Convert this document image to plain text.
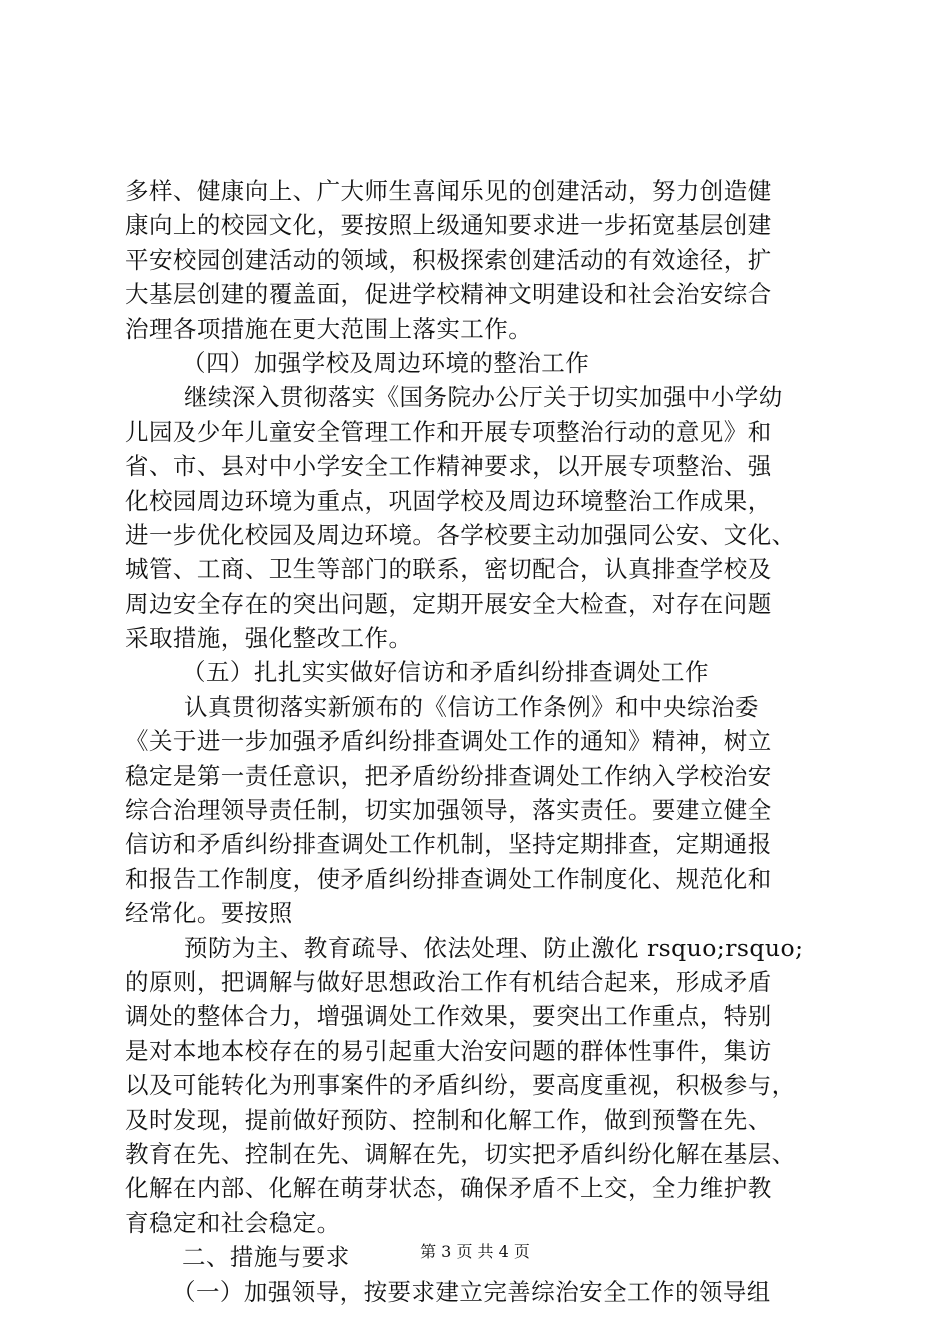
多样、健康向上、广大师生喜闻乐见的创建活动，努力创造健
康向上的校园文化，要按照上级通知要求进一步拓宽基层创建
平安校园创建活动的领域，积极探索创建活动的有效途径，扩
大基层创建的覆盖面，促进学校精神文明建设和社会治安综合
治理各项措施在更大范围上落实工作。
（四）加强学校及周边环境的整治工作
继续深入贯彻落实《国务院办公厅关于切实加强中小学幼
儿园及少年儿童安全管理工作和开展专项整治行动的意见》和
省、市、县对中小学安全工作精神要求，以开展专项整治、强
化校园周边环境为重点，巩固学校及周边环境整治工作成果，
进一步优化校园及周边环境。各学校要主动加强同公安、文化、
城管、工商、卫生等部门的联系，密切配合，认真排查学校及
周边安全存在的突出问题，定期开展安全大检查，对存在问题
采取措施，强化整改工作。
（五）扎扎实实做好信访和矛盾纠纷排查调处工作
认真贯彻落实新颁布的《信访工作条例》和中央综治委
《关于进一步加强矛盾纠纷排查调处工作的通知》精神，树立
稳定是第一责任意识，把矛盾纷纷排查调处工作纳入学校治安
综合治理领导责任制，切实加强领导，落实责任。要建立健全
信访和矛盾纠纷排查调处工作机制，坚持定期排查，定期通报
和报告工作制度，使矛盾纠纷排查调处工作制度化、规范化和
经常化。要按照
预防为主、教育疏导、依法处理、防止激化 rsquo;rsquo;
的原则，把调解与做好思想政治工作有机结合起来，形成矛盾
调处的整体合力，增强调处工作效果，要突出工作重点，特别
是对本地本校存在的易引起重大治安问题的群体性事件，集访
以及可能转化为刑事案件的矛盾纠纷，要高度重视，积极参与，
及时发现，提前做好预防、控制和化解工作，做到预警在先、
教育在先、控制在先、调解在先，切实把矛盾纠纷化解在基层、
化解在内部、化解在萌芽状态，确保矛盾不上交，全力维护教
育稳定和社会稳定。
二、措施与要求
（一）加强领导，按要求建立完善综治安全工作的领导组
第 3 页 共 4 页
